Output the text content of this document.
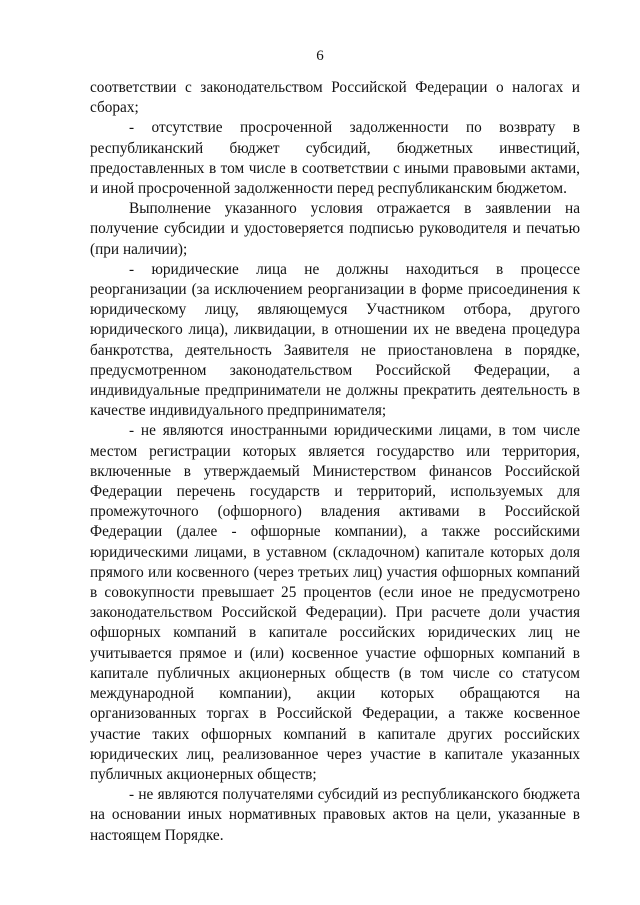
6

соответствии с законодательством Российской Федерации о налогах и сборах;

- отсутствие просроченной задолженности по возврату в республиканский бюджет субсидий, бюджетных инвестиций, предоставленных в том числе в соответствии с иными правовыми актами, и иной просроченной задолженности перед республиканским бюджетом.

Выполнение указанного условия отражается в заявлении на получение субсидии и удостоверяется подписью руководителя и печатью (при наличии);

- юридические лица не должны находиться в процессе реорганизации (за исключением реорганизации в форме присоединения к юридическому лицу, являющемуся Участником отбора, другого юридического лица), ликвидации, в отношении их не введена процедура банкротства, деятельность Заявителя не приостановлена в порядке, предусмотренном законодательством Российской Федерации, а индивидуальные предприниматели не должны прекратить деятельность в качестве индивидуального предпринимателя;

- не являются иностранными юридическими лицами, в том числе местом регистрации которых является государство или территория, включенные в утверждаемый Министерством финансов Российской Федерации перечень государств и территорий, используемых для промежуточного (офшорного) владения активами в Российской Федерации (далее - офшорные компании), а также российскими юридическими лицами, в уставном (складочном) капитале которых доля прямого или косвенного (через третьих лиц) участия офшорных компаний в совокупности превышает 25 процентов (если иное не предусмотрено законодательством Российской Федерации). При расчете доли участия офшорных компаний в капитале российских юридических лиц не учитывается прямое и (или) косвенное участие офшорных компаний в капитале публичных акционерных обществ (в том числе со статусом международной компании), акции которых обращаются на организованных торгах в Российской Федерации, а также косвенное участие таких офшорных компаний в капитале других российских юридических лиц, реализованное через участие в капитале указанных публичных акционерных обществ;

- не являются получателями субсидий из республиканского бюджета на основании иных нормативных правовых актов на цели, указанные в настоящем Порядке.
